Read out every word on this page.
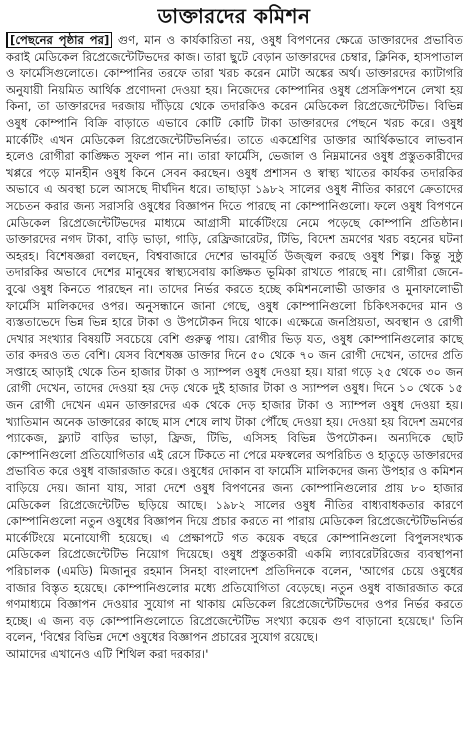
ডাক্তারদের কমিশন

[পেছনের পৃষ্ঠার পর] গুণ, মান ও কার্যকারিতা নয়, ওষুধ বিপণনের ক্ষেত্রে ডাক্তারদের প্রভাবিত করাই মেডিকেল রিপ্রেজেন্টেটিভদের কাজ। তারা ছুটে বেড়ান ডাক্তারদের চেম্বার, ক্লিনিক, হাসপাতাল ও ফার্মেসিগুলোতে। কোম্পানির তরফে তারা খরচ করেন মোটা অঙ্কের অর্থ। ডাক্তারদের ক্যাটাগরি অনুযায়ী নিয়মিত আর্থিক প্রণোদনা দেওয়া হয়। নিজেদের কোম্পানির ওষুধ প্রেসক্রিপশনে লেখা হয় কিনা, তা ডাক্তারদের দরজায় দাঁড়িয়ে থেকে তদারকিও করেন মেডিকেল রিপ্রেজেন্টেটিভ। বিভিন্ন ওষুধ কোম্পানি বিক্রি বাড়াতে এভাবে কোটি কোটি টাকা ডাক্তারদের পেছনে খরচ করে। ওষুধ মার্কেটিং এখন মেডিকেল রিপ্রেজেন্টেটিভনির্ভর। তাতে একশ্রেণির ডাক্তার আর্থিকভাবে লাভবান হলেও রোগীরা কাঙ্ক্ষিত সুফল পান না। তারা ফার্মেসি, ভেজাল ও নিম্নমানের ওষুধ প্রস্তুতকারীদের খপ্পরে পড়ে মানহীন ওষুধ কিনে সেবন করছেন। ওষুধ প্রশাসন ও স্বাস্থ্য খাতের কার্যকর তদারকির অভাবে এ অবস্থা চলে আসছে দীর্ঘদিন ধরে। তাছাড়া ১৯৮২ সালের ওষুধ নীতির কারণে ক্রেতাদের সচেতন করার জন্য সরাসরি ওষুধের বিজ্ঞাপন দিতে পারছে না কোম্পানিগুলো। ফলে ওষুধ বিপণনে মেডিকেল রিপ্রেজেন্টেটিভদের মাধ্যমে আগ্রাসী মার্কেটিংয়ে নেমে পড়েছে কোম্পানি প্রতিষ্ঠান। ডাক্তারদের নগদ টাকা, বাড়ি ভাড়া, গাড়ি, রেফ্রিজারেটর, টিভি, বিদেশ ভ্রমণের খরচ বহনের ঘটনা অহরহ। বিশেষজ্ঞরা বলছেন, বিশ্ববাজারে দেশের ভাবমূর্তি উজ্জ্বল করছে ওষুধ শিল্প। কিন্তু সুষ্ঠু তদারকির অভাবে দেশের মানুষের স্বাস্থ্যসেবায় কাঙ্ক্ষিত ভূমিকা রাখতে পারছে না। রোগীরা জেনে-বুঝে ওষুধ কিনতে পারছেন না। তাদের নির্ভর করতে হচ্ছে কমিশনলোভী ডাক্তার ও মুনাফালোভী ফার্মেসি মালিকদের ওপর। অনুসন্ধানে জানা গেছে, ওষুধ কোম্পানিগুলো চিকিৎসকদের মান ও ব্যস্ততাভেদে ভিন্ন ভিন্ন হারে টাকা ও উপঢৌকন দিয়ে থাকে। এক্ষেত্রে জনপ্রিয়তা, অবস্থান ও রোগী দেখার সংখ্যার বিষয়টি সবচেয়ে বেশি গুরুত্ব পায়। রোগীর ভিড় যত, ওষুধ কোম্পানিগুলোর কাছে তার কদরও তত বেশি। যেসব বিশেষজ্ঞ ডাক্তার দিনে ৫০ থেকে ৭০ জন রোগী দেখেন, তাদের প্রতি সপ্তাহে আড়াই থেকে তিন হাজার টাকা ও স্যাম্পল ওষুধ দেওয়া হয়। যারা গড়ে ২৫ থেকে ৩০ জন রোগী দেখেন, তাদের দেওয়া হয় দেড় থেকে দুই হাজার টাকা ও স্যাম্পল ওষুধ। দিনে ১০ থেকে ১৫ জন রোগী দেখেন এমন ডাক্তারদের এক থেকে দেড় হাজার টাকা ও স্যাম্পল ওষুধ দেওয়া হয়। খ্যাতিমান অনেক ডাক্তারের কাছে মাস শেষে লাখ টাকা পৌঁছে দেওয়া হয়। দেওয়া হয় বিদেশ ভ্রমণের প্যাকেজ, ফ্ল্যাট বাড়ির ভাড়া, ফ্রিজ, টিভি, এসিসহ বিভিন্ন উপঢৌকন। অন্যদিকে ছোট কোম্পানিগুলো প্রতিযোগিতার এই রেসে টিকতে না পেরে মফস্বলের অপরিচিত ও হাতুড়ে ডাক্তারদের প্রভাবিত করে ওষুধ বাজারজাত করে। ওষুধের দোকান বা ফার্মেসি মালিকদের জন্য উপহার ও কমিশন বাড়িয়ে দেয়। জানা যায়, সারা দেশে ওষুধ বিপণনের জন্য কোম্পানিগুলোর প্রায় ৮০ হাজার মেডিকেল রিপ্রেজেন্টেটিভ ছড়িয়ে আছে। ১৯৮২ সালের ওষুধ নীতির বাধ্যবাধকতার কারণে কোম্পানিগুলো নতুন ওষুধের বিজ্ঞাপন দিয়ে প্রচার করতে না পারায় মেডিকেল রিপ্রেজেন্টেটিভনির্ভর মার্কেটিংয়ে মনোযোগী হয়েছে। এ প্রেক্ষাপটে গত কয়েক বছরে কোম্পানিগুলো বিপুলসংখ্যক মেডিকেল রিপ্রেজেন্টেটিভ নিয়োগ দিয়েছে। ওষুধ প্রস্তুতকারী একমি ল্যাবরেটরিজের ব্যবস্থাপনা পরিচালক (এমডি) মিজানুর রহমান সিনহা বাংলাদেশ প্রতিদিনকে বলেন, 'আগের চেয়ে ওষুধের বাজার বিস্তৃত হয়েছে। কোম্পানিগুলোর মধ্যে প্রতিযোগিতা বেড়েছে। নতুন ওষুধ বাজারজাত করে গণমাধ্যমে বিজ্ঞাপন দেওয়ার সুযোগ না থাকায় মেডিকেল রিপ্রেজেন্টেটিভদের ওপর নির্ভর করতে হচ্ছে। এ জন্য বড় কোম্পানিগুলোতে রিপ্রেজেন্টেটিভ সংখ্যা কয়েক গুণ বাড়ানো হয়েছে।' তিনি বলেন, 'বিশ্বের বিভিন্ন দেশে ওষুধের বিজ্ঞাপন প্রচারের সুযোগ রয়েছে।
আমাদের এখানেও এটি শিথিল করা দরকার।'
